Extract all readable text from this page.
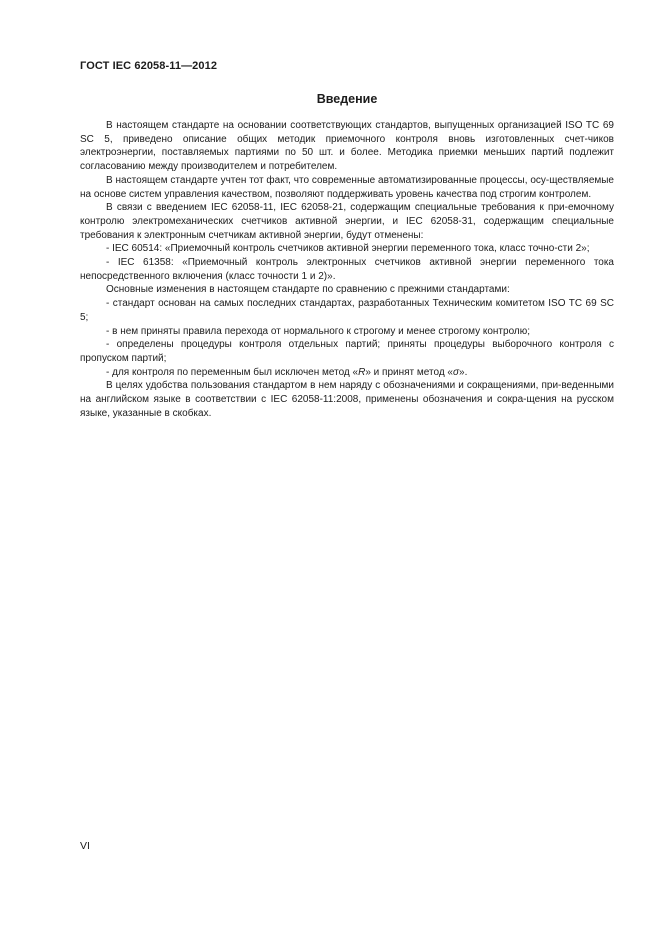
ГОСТ IEC 62058-11—2012
Введение

В настоящем стандарте на основании соответствующих стандартов, выпущенных организацией ISO TC 69 SC 5, приведено описание общих методик приемочного контроля вновь изготовленных счет-чиков электроэнергии, поставляемых партиями по 50 шт. и более. Методика приемки меньших партий подлежит согласованию между производителем и потребителем.

В настоящем стандарте учтен тот факт, что современные автоматизированные процессы, осу-ществляемые на основе систем управления качеством, позволяют поддерживать уровень качества под строгим контролем.

В связи с введением IEC 62058-11, IEC 62058-21, содержащим специальные требования к при-емочному контролю электромеханических счетчиков активной энергии, и IEC 62058-31, содержащим специальные требования к электронным счетчикам активной энергии, будут отменены:

- IEC 60514: «Приемочный контроль счетчиков активной энергии переменного тока, класс точно-сти 2»;

- IEC 61358: «Приемочный контроль электронных счетчиков активной энергии переменного тока непосредственного включения (класс точности 1 и 2)».

Основные изменения в настоящем стандарте по сравнению с прежними стандартами:

- стандарт основан на самых последних стандартах, разработанных Техническим комитетом ISO TC 69 SC 5;

- в нем приняты правила перехода от нормального к строгому и менее строгому контролю;

- определены процедуры контроля отдельных партий; приняты процедуры выборочного контроля с пропуском партий;

- для контроля по переменным был исключен метод «R» и принят метод «σ».

В целях удобства пользования стандартом в нем наряду с обозначениями и сокращениями, при-веденными на английском языке в соответствии с IEC 62058-11:2008, применены обозначения и сокра-щения на русском языке, указанные в скобках.

VI
